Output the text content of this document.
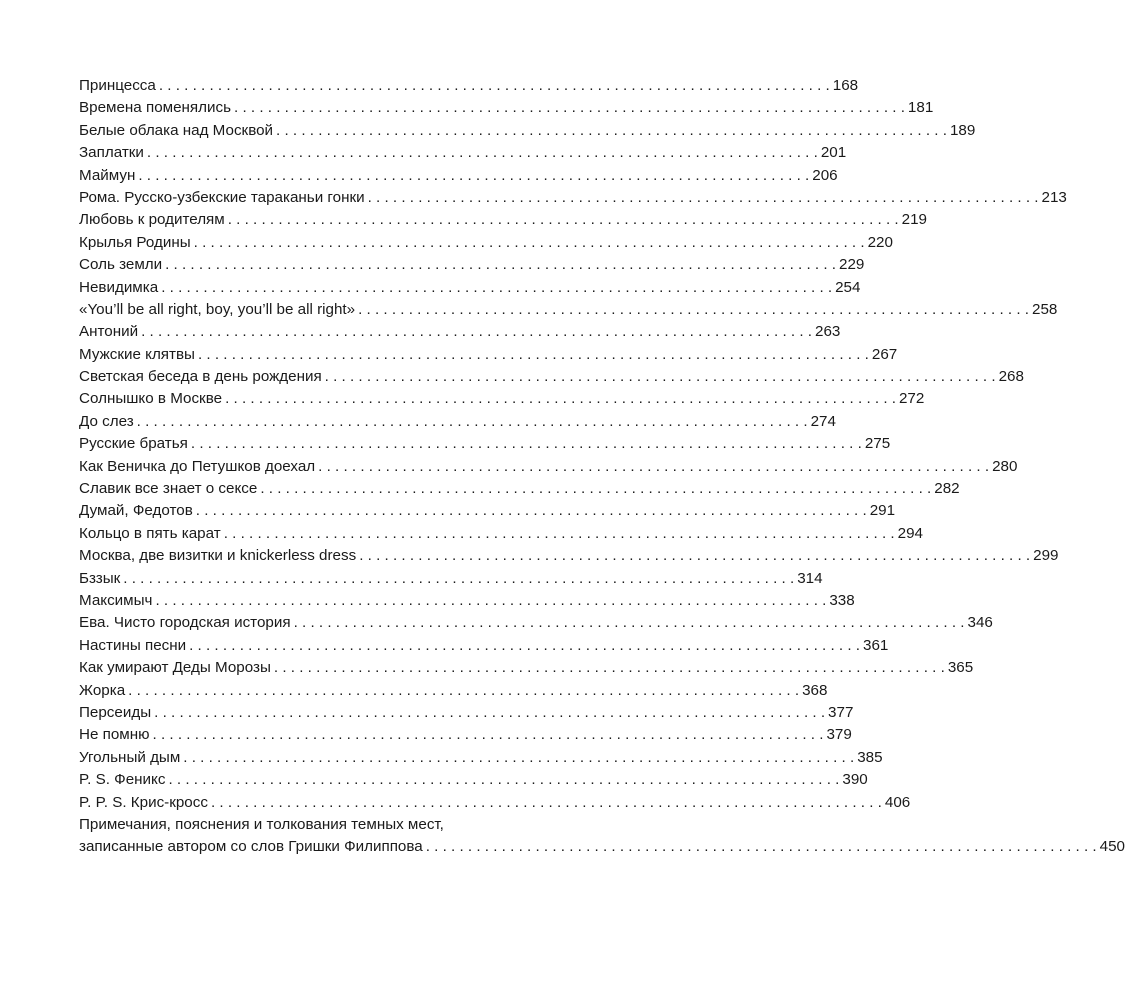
Принцесса . . .	168
Времена поменялись . . .	181
Белые облака над Москвой . . .	189
Заплатки . . .	201
Маймун . . .	206
Рома. Русско-узбекские тараканьи гонки . . .	213
Любовь к родителям . . .	219
Крылья Родины . . .	220
Соль земли . . .	229
Невидимка . . .	254
«You’ll be all right, boy, you’ll be all right» . . .	258
Антоний . . .	263
Мужские клятвы . . .	267
Светская беседа в день рождения . . .	268
Солнышко в Москве . . .	272
До слез . . .	274
Русские братья . . .	275
Как Веничка до Петушков доехал . . .	280
Славик все знает о сексе . . .	282
Думай, Федотов . . .	291
Кольцо в пять карат . . .	294
Москва, две визитки и knickerless dress . . .	299
Бззык . . .	314
Максимыч . . .	338
Ева. Чисто городская история . . .	346
Настины песни . . .	361
Как умирают Деды Морозы . . .	365
Жорка . . .	368
Персеиды . . .	377
Не помню . . .	379
Угольный дым . . .	385
P. S. Феникс . . .	390
P. P. S. Крис-кросс . . .	406
Примечания, пояснения и толкования темных мест,
записанные автором со слов Гришки Филиппова . . .	450
